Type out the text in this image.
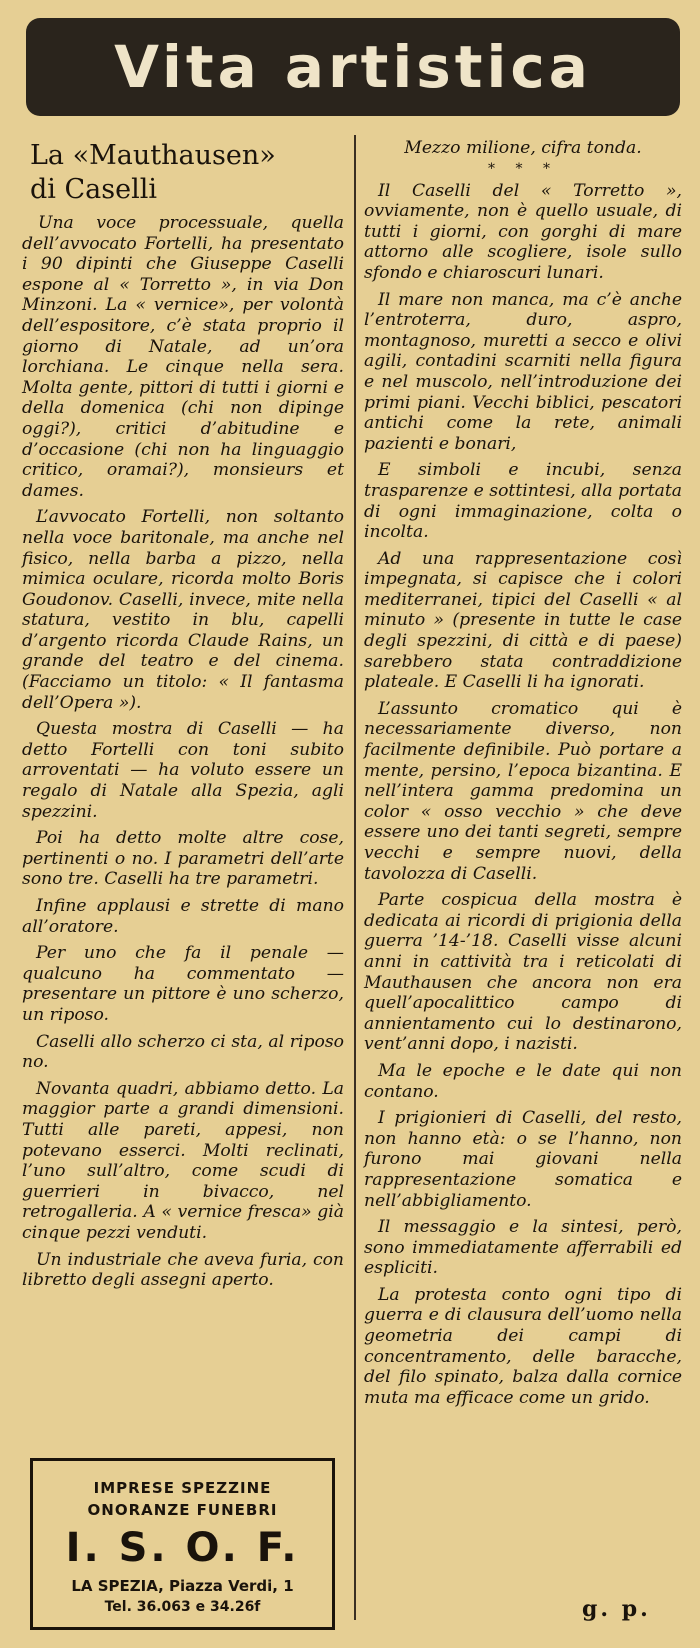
Vita artistica
La «Mauthausen»
di Caselli

Una voce processuale, quella dell’avvocato Fortelli, ha presentato i 90 dipinti che Giuseppe Caselli espone al « Torretto », in via Don Minzoni. La « vernice», per volontà dell’espositore, c’è stata proprio il giorno di Natale, ad un’ora lorchiana. Le cinque nella sera. Molta gente, pittori di tutti i giorni e della domenica (chi non dipinge oggi?), critici d’abitudine e d’occasione (chi non ha linguaggio critico, oramai?), monsieurs et dames.

L’avvocato Fortelli, non soltanto nella voce baritonale, ma anche nel fisico, nella barba a pizzo, nella mimica oculare, ricorda molto Boris Goudonov. Caselli, invece, mite nella statura, vestito in blu, capelli d’argento ricorda Claude Rains, un grande del teatro e del cinema. (Facciamo un titolo: « Il fantasma dell’Opera »).

Questa mostra di Caselli — ha detto Fortelli con toni subito arroventati — ha voluto essere un regalo di Natale alla Spezia, agli spezzini.

Poi ha detto molte altre cose, pertinenti o no. I parametri dell’arte sono tre. Caselli ha tre parametri.

Infine applausi e strette di mano all’oratore.

Per uno che fa il penale — qualcuno ha commentato — presentare un pittore è uno scherzo, un riposo.

Caselli allo scherzo ci sta, al riposo no.

Novanta quadri, abbiamo detto. La maggior parte a grandi dimensioni. Tutti alle pareti, appesi, non potevano esserci. Molti reclinati, l’uno sull’altro, come scudi di guerrieri in bivacco, nel retrogalleria. A « vernice fresca» già cinque pezzi venduti.

Un industriale che aveva furia, con libretto degli assegni aperto.

IMPRESE SPEZZINE
ONORANZE FUNEBRI
I. S. O. F.
LA SPEZIA, Piazza Verdi, 1
Tel. 36.063 e 34.26f

Mezzo milione, cifra tonda.

* * *

Il Caselli del « Torretto », ovviamente, non è quello usuale, di tutti i giorni, con gorghi di mare attorno alle scogliere, isole sullo sfondo e chiaroscuri lunari.

Il mare non manca, ma c’è anche l’entroterra, duro, aspro, montagnoso, muretti a secco e olivi agili, contadini scarniti nella figura e nel muscolo, nell’introduzione dei primi piani. Vecchi biblici, pescatori antichi come la rete, animali pazienti e bonari,

E simboli e incubi, senza trasparenze e sottintesi, alla portata di ogni immaginazione, colta o incolta.

Ad una rappresentazione così impegnata, si capisce che i colori mediterranei, tipici del Caselli « al minuto » (presente in tutte le case degli spezzini, di città e di paese) sarebbero stata contraddizione plateale. E Caselli li ha ignorati.

L’assunto cromatico qui è necessariamente diverso, non facilmente definibile. Può portare a mente, persino, l’epoca bizantina. E nell’intera gamma predomina un color « osso vecchio » che deve essere uno dei tanti segreti, sempre vecchi e sempre nuovi, della tavolozza di Caselli.

Parte cospicua della mostra è dedicata ai ricordi di prigionia della guerra ’14-’18. Caselli visse alcuni anni in cattività tra i reticolati di Mauthausen che ancora non era quell’apocalittico campo di annientamento cui lo destinarono, vent’anni dopo, i nazisti.

Ma le epoche e le date qui non contano.

I prigionieri di Caselli, del resto, non hanno età: o se l’hanno, non furono mai giovani nella rappresentazione somatica e nell’abbigliamento.

Il messaggio e la sintesi, però, sono immediatamente afferrabili ed espliciti.

La protesta conto ogni tipo di guerra e di clausura dell’uomo nella geometria dei campi di concentramento, delle baracche, del filo spinato, balza dalla cornice muta ma efficace come un grido.

g. p.
